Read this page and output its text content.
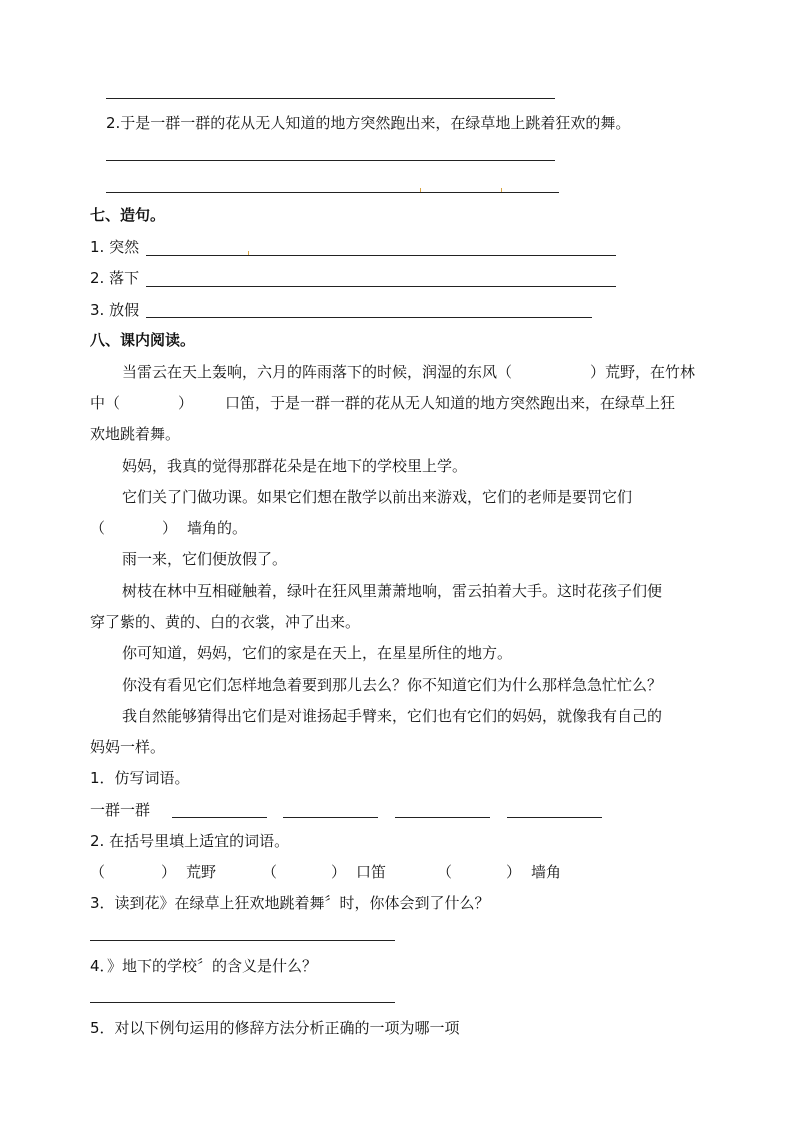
2.于是一群一群的花从无人知道的地方突然跑出来，在绿草地上跳着狂欢的舞。
七、造句。
1. 突然
2. 落下
3. 放假
八、课内阅读。
当雷云在天上轰响，六月的阵雨落下的时候，润湿的东风（	）荒野，在竹林
中（	） 口笛，于是一群一群的花从无人知道的地方突然跑出来，在绿草上狂
欢地跳着舞。
妈妈，我真的觉得那群花朵是在地下的学校里上学。
它们关了门做功课。如果它们想在散学以前出来游戏，它们的老师是要罚它们
（	） 墙角的。
雨一来，它们便放假了。
树枝在林中互相碰触着，绿叶在狂风里萧萧地响，雷云拍着大手。这时花孩子们便
穿了紫的、黄的、白的衣裳，冲了出来。
你可知道，妈妈，它们的家是在天上，在星星所住的地方。
你没有看见它们怎样地急着要到那儿去么？你不知道它们为什么那样急急忙忙么？
我自然能够猜得出它们是对谁扬起手臂来，它们也有它们的妈妈，就像我有自己的
妈妈一样。
1．仿写词语。
一群一群
2. 在括号里填上适宜的词语。
（	） 荒野	（	） 口笛	（	） 墙角
3．读到花》在绿草上狂欢地跳着舞〞时，你体会到了什么？
4．》地下的学校〞的含义是什么？
5．对以下例句运用的修辞方法分析正确的一项为哪一项
